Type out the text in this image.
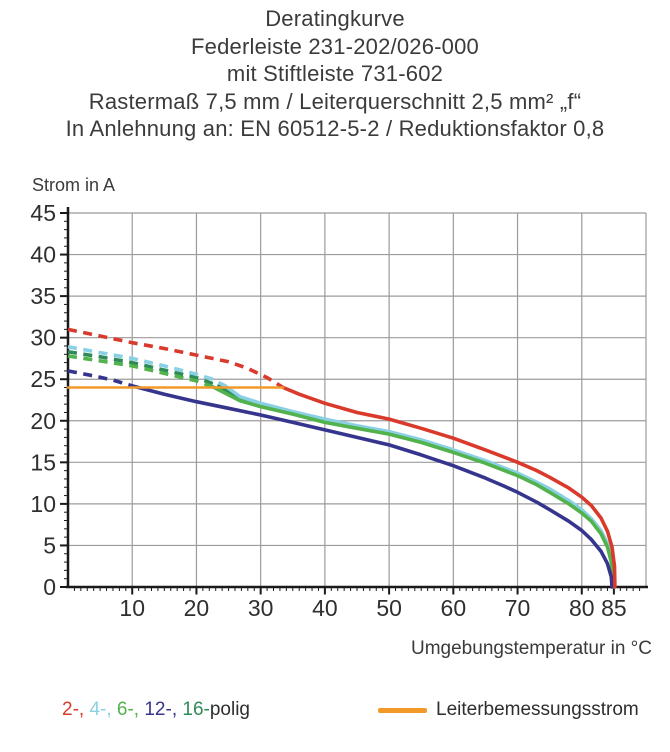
Deratingkurve
Federleiste 231-202/026-000
mit Stiftleiste 731-602
Rastermaß 7,5 mm / Leiterquerschnitt 2,5 mm² „f“
In Anlehnung an: EN 60512-5-2 / Reduktionsfaktor 0,8
Strom in A
10 20 30 40 50 60 70 80 85
0
5
10
15
20
25
30
35
40
45
Umgebungstemperatur in °C
2-, 4-, 6-, 12-, 16-polig	Leiterbemessungsstrom
